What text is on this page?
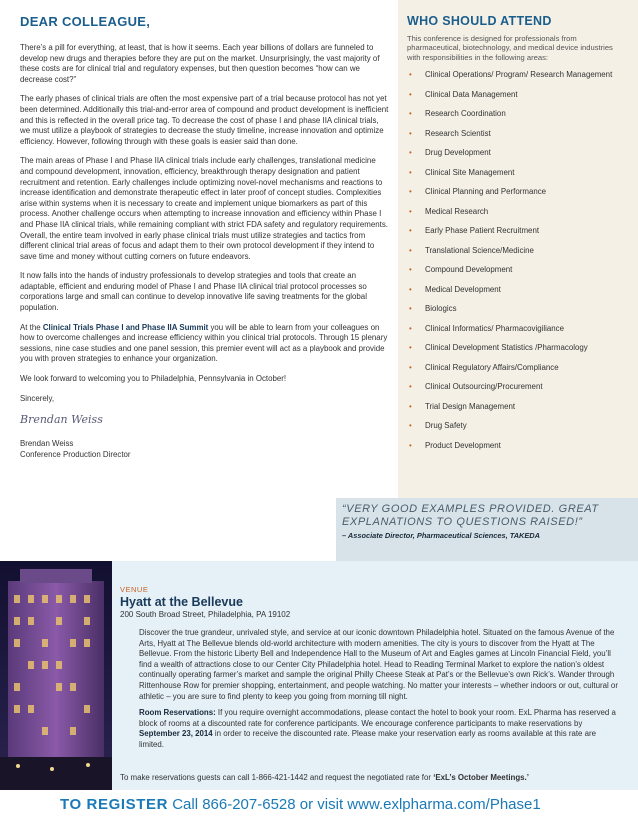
DEAR COLLEAGUE,

There’s a pill for everything, at least, that is how it seems. Each year billions of dollars are funneled to develop new drugs and therapies before they are put on the market. Unsurprisingly, the vast majority of these costs are for clinical trial and regulatory expenses, but then question becomes “how can we decrease cost?”

The early phases of clinical trials are often the most expensive part of a trial because protocol has not yet been determined. Additionally this trial-and-error area of compound and product development is inefficient and this is reflected in the overall price tag. To decrease the cost of phase I and phase IIA clinical trials, we must utilize a playbook of strategies to decrease the study timeline, increase innovation and optimize efficiency. However, following through with these goals is easier said than done.

The main areas of Phase I and Phase IIA clinical trials include early challenges, translational medicine and compound development, innovation, efficiency, breakthrough therapy designation and patient recruitment and retention. Early challenges include optimizing novel-novel mechanisms and reactions to increase identification and demonstrate therapeutic effect in later proof of concept studies. Complexities arise within systems when it is necessary to create and implement unique biomarkers as part of this process. Another challenge occurs when attempting to increase innovation and efficiency within Phase I and Phase IIA clinical trials, while remaining compliant with strict FDA safety and regulatory requirements. Overall, the entire team involved in early phase clinical trials must utilize strategies and tactics from different clinical trial areas of focus and adapt them to their own protocol development if they intend to save time and money without cutting corners on future endeavors.

It now falls into the hands of industry professionals to develop strategies and tools that create an adaptable, efficient and enduring model of Phase I and Phase IIA clinical trial protocol processes so corporations large and small can continue to develop innovative life saving treatments for the global population.

At the Clinical Trials Phase I and Phase IIA Summit you will be able to learn from your colleagues on how to overcome challenges and increase efficiency within you clinical trial protocols. Through 15 plenary sessions, nine case studies and one panel session, this premier event will act as a playbook and provide you with proven strategies to enhance your organization.

We look forward to welcoming you to Philadelphia, Pennsylvania in October!

Sincerely,

Brendan Weiss
Brendan Weiss
Conference Production Director
WHO SHOULD ATTEND
This conference is designed for professionals from pharmaceutical, biotechnology, and medical device industries with responsibilities in the following areas:
• Clinical Operations/ Program/ Research Management
• Clinical Data Management
• Research Coordination
• Research Scientist
• Drug Development
• Clinical Site Management
• Clinical Planning and Performance
• Medical Research
• Early Phase Patient Recruitment
• Translational Science/Medicine
• Compound Development
• Medical Development
• Biologics
• Clinical Informatics/ Pharmacovigiliance
• Clinical Development Statistics /Pharmacology
• Clinical Regulatory Affairs/Compliance
• Clinical Outsourcing/Procurement
• Trial Design Management
• Drug Safety
• Product Development
“VERY GOOD EXAMPLES PROVIDED. GREAT EXPLANATIONS TO QUESTIONS RAISED!”
– Associate Director, Pharmaceutical Sciences, TAKEDA
VENUE
Hyatt at the Bellevue
200 South Broad Street, Philadelphia, PA 19102

Discover the true grandeur, unrivaled style, and service at our iconic downtown Philadelphia hotel. Situated on the famous Avenue of the Arts, Hyatt at The Bellevue blends old-world architecture with modern amenities. The city is yours to discover from the Hyatt at The Bellevue. From the historic Liberty Bell and Independence Hall to the Museum of Art and Eagles games at Lincoln Financial Field, you’ll find a wealth of attractions close to our Center City Philadelphia hotel. Head to Reading Terminal Market to explore the nation’s oldest continually operating farmer’s market and sample the original Philly Cheese Steak at Pat’s or the Bellevue’s own Rick’s. Wander through Rittenhouse Row for premier shopping, entertainment, and people watching. No matter your interests – whether indoors or out, cultural or athletic – you are sure to find plenty to keep you going from morning till night.

Room Reservations: If you require overnight accommodations, please contact the hotel to book your room. ExL Pharma has reserved a block of rooms at a discounted rate for conference participants. We encourage conference participants to make reservations by September 23, 2014 in order to receive the discounted rate. Please make your reservation early as rooms available at this rate are limited.

To make reservations guests can call 1-866-421-1442 and request the negotiated rate for ‘ExL’s October Meetings.’
TO REGISTER Call 866-207-6528 or visit www.exlpharma.com/Phase1
